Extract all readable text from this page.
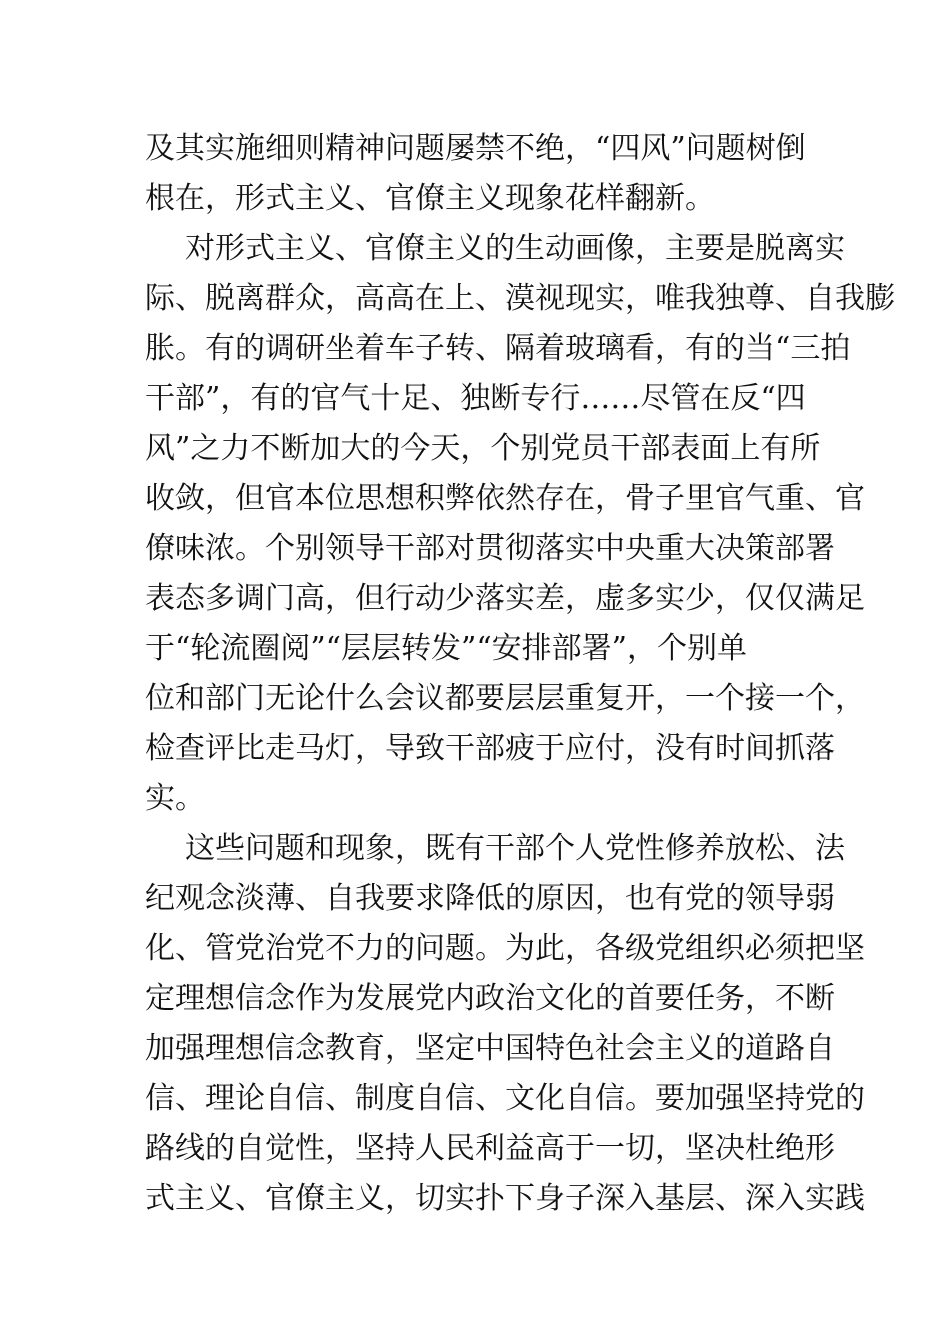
及其实施细则精神问题屡禁不绝，“四风”问题树倒
根在，形式主义、官僚主义现象花样翻新。
对形式主义、官僚主义的生动画像，主要是脱离实
际、脱离群众，高高在上、漠视现实，唯我独尊、自我膨
胀。有的调研坐着车子转、隔着玻璃看，有的当“三拍
干部”，有的官气十足、独断专行……尽管在反“四
风”之力不断加大的今天，个别党员干部表面上有所
收敛，但官本位思想积弊依然存在，骨子里官气重、官
僚味浓。个别领导干部对贯彻落实中央重大决策部署
表态多调门高，但行动少落实差，虚多实少，仅仅满足
于“轮流圈阅”“层层转发”“安排部署”，个别单
位和部门无论什么会议都要层层重复开，一个接一个，
检查评比走马灯，导致干部疲于应付，没有时间抓落
实。
这些问题和现象，既有干部个人党性修养放松、法
纪观念淡薄、自我要求降低的原因，也有党的领导弱
化、管党治党不力的问题。为此，各级党组织必须把坚
定理想信念作为发展党内政治文化的首要任务，不断
加强理想信念教育，坚定中国特色社会主义的道路自
信、理论自信、制度自信、文化自信。要加强坚持党的
路线的自觉性，坚持人民利益高于一切，坚决杜绝形
式主义、官僚主义，切实扑下身子深入基层、深入实践
